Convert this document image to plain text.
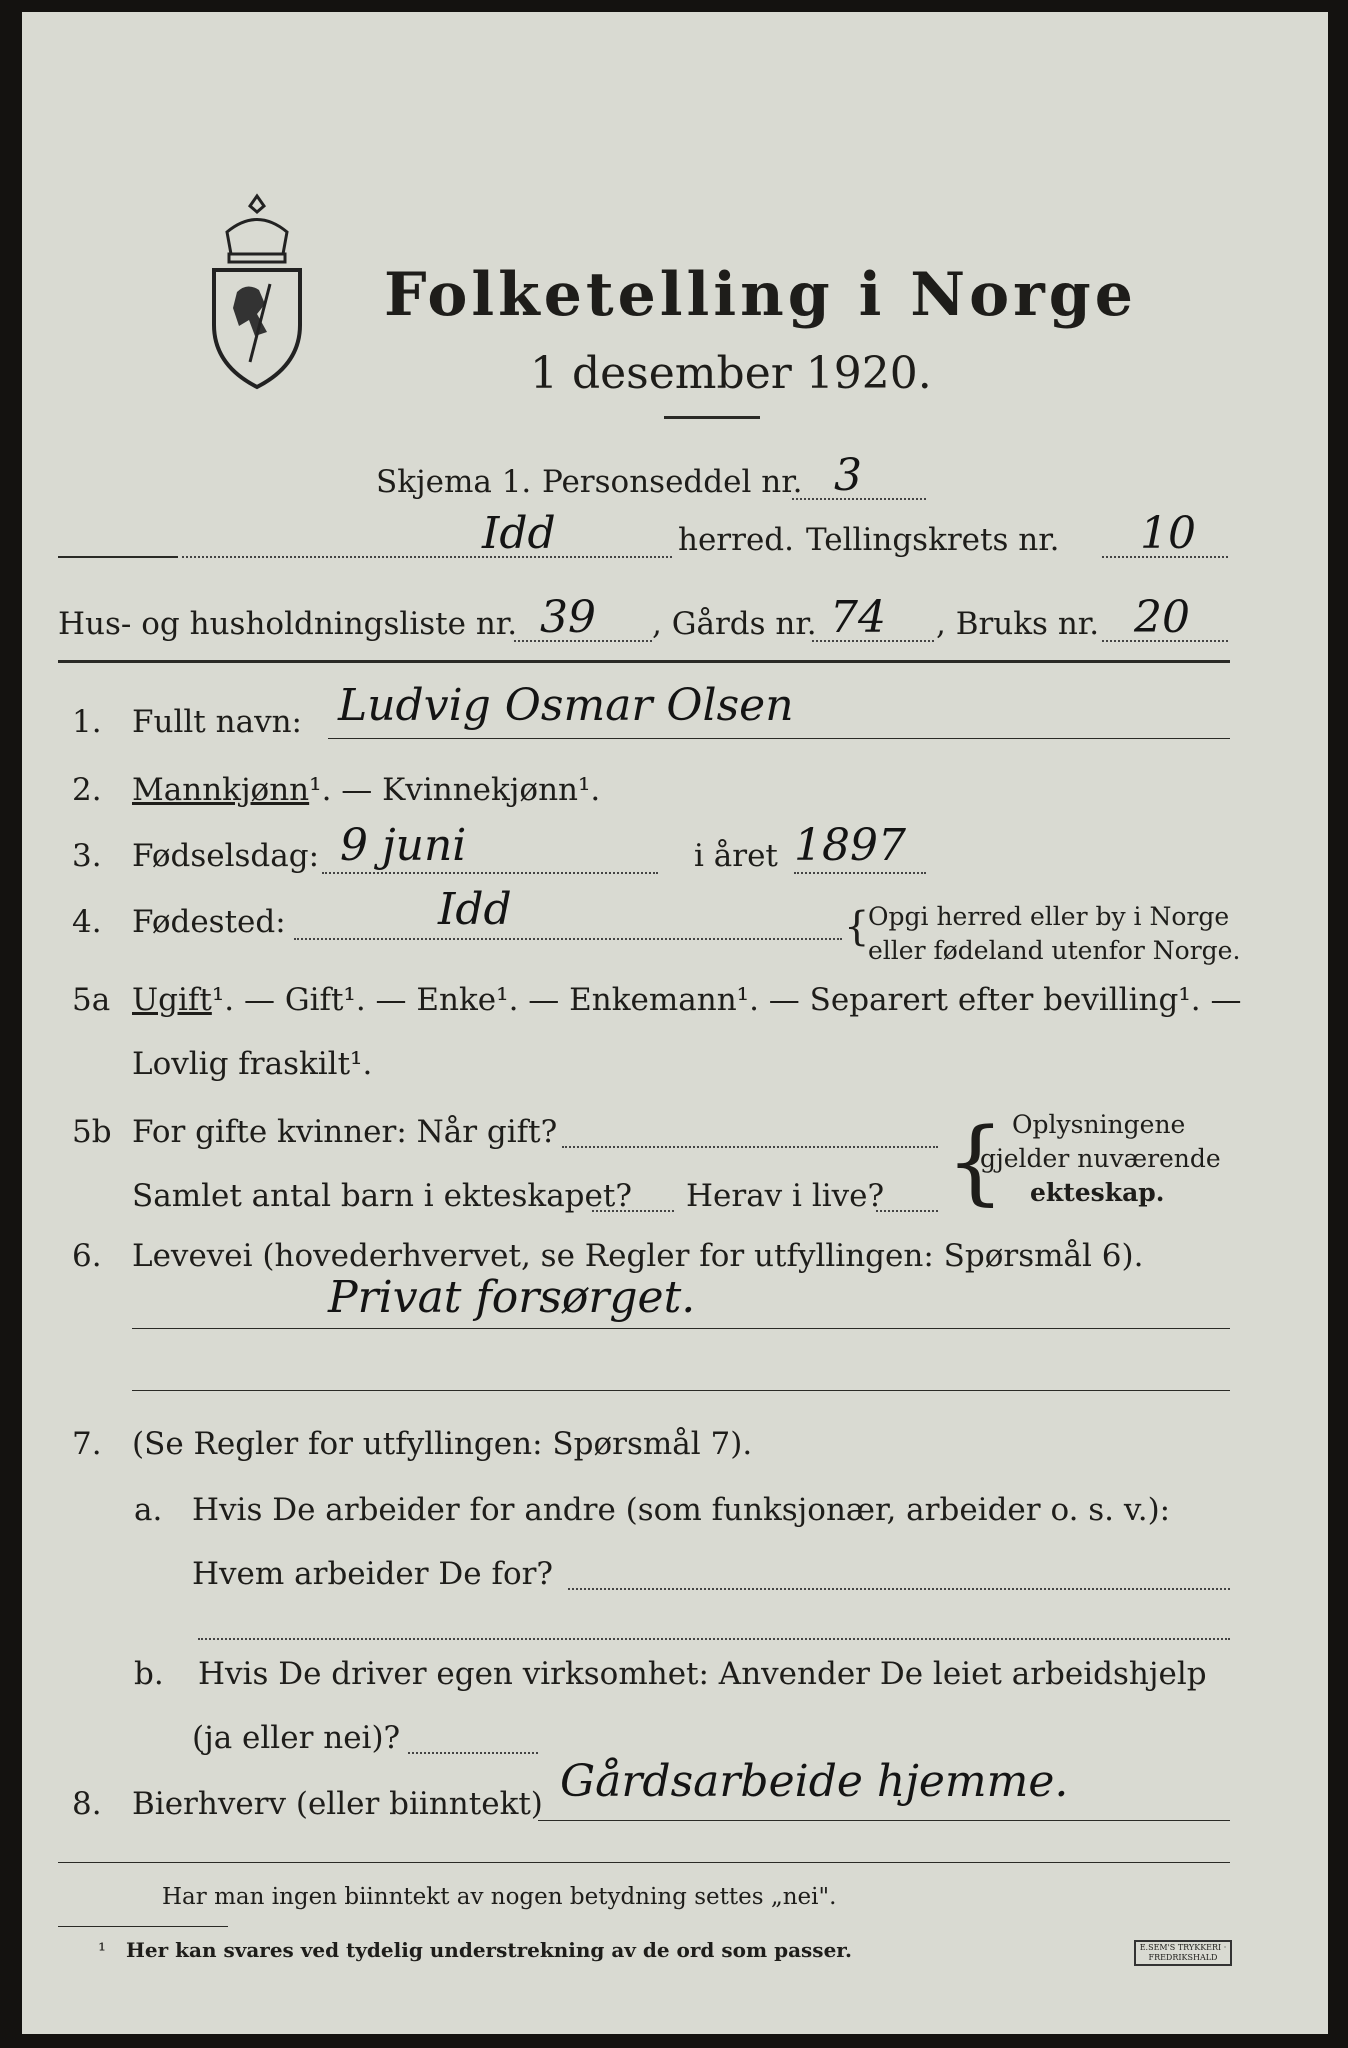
Folketelling i Norge
1 desember 1920.
Skjema 1. Personseddel nr. 3
Idd	herred. Tellingskrets nr. 10
Hus- og husholdningsliste nr. 39 , Gårds nr. 74 , Bruks nr. 20
1. Fullt navn: Ludvig Osmar Olsen
2. Mannkjønn¹. — Kvinnekjønn¹.
3. Fødselsdag: 9 juni	i året 1897
4. Fødested:	Idd	{
Opgi herred eller by i Norge
eller fødeland utenfor Norge.
5a Ugift¹. — Gift¹. — Enke¹. — Enkemann¹. — Separert efter bevilling¹. —
Lovlig fraskilt¹.
5b For gifte kvinner: Når gift?
Samlet antal barn i ekteskapet? Herav i live? { Oplysningene
gjelder nuværende
ekteskap.
6. Levevei (hovederhvervet, se Regler for utfyllingen: Spørsmål 6).
Privat forsørget.
7. (Se Regler for utfyllingen: Spørsmål 7).
a. Hvis De arbeider for andre (som funksjonær, arbeider o. s. v.):
Hvem arbeider De for?
b. Hvis De driver egen virksomhet: Anvender De leiet arbeidshjelp
(ja eller nei)?
8. Bierhverv (eller biinntekt) Gårdsarbeide hjemme.
Har man ingen biinntekt av nogen betydning settes „nei".
¹ Her kan svares ved tydelig understrekning av de ord som passer.	E.SEM'S TRYKKERI · FREDRIKSHALD
